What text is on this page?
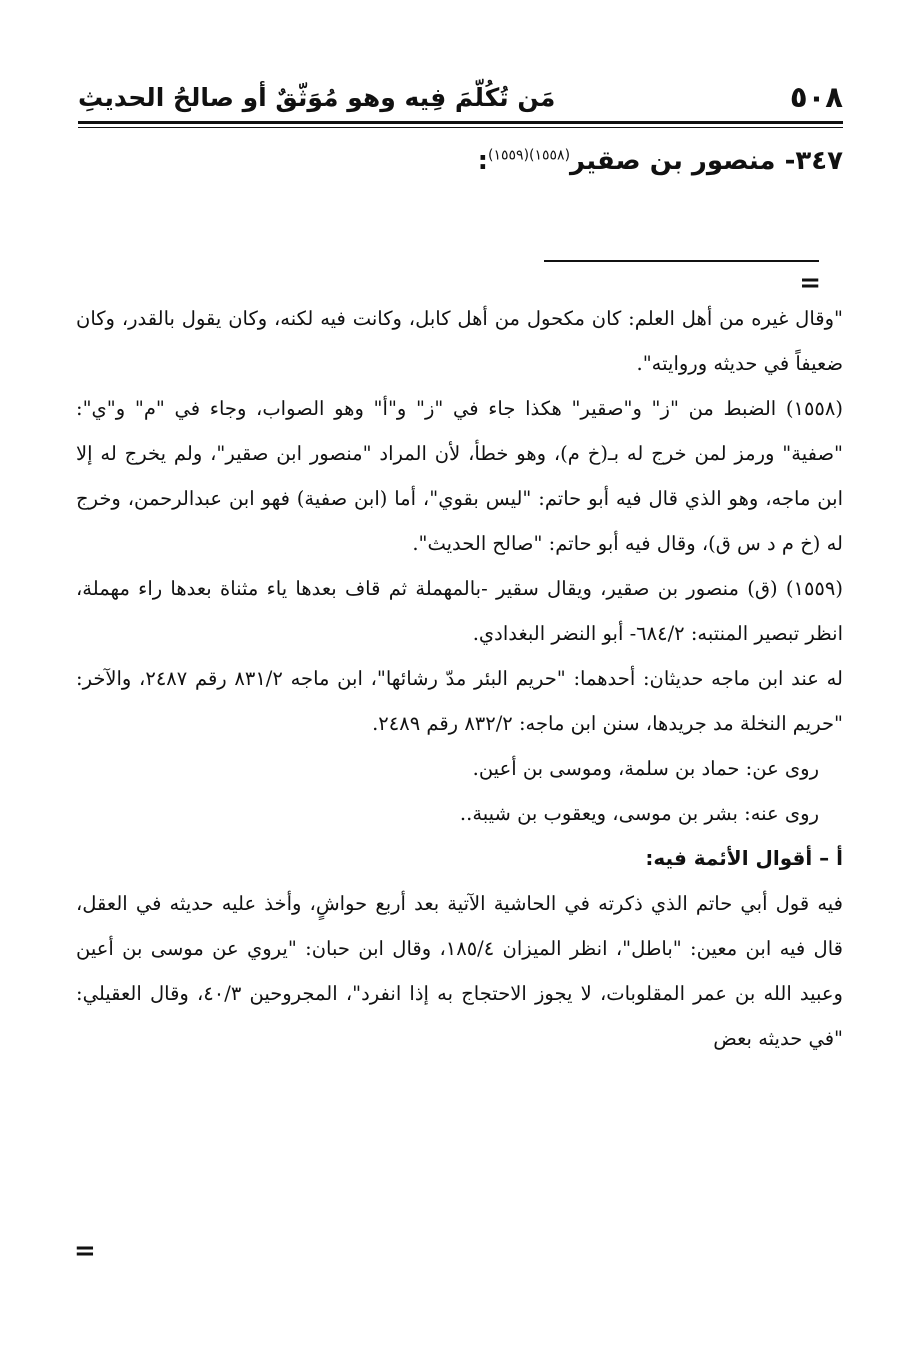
٥٠٨
مَن تُكُلّمَ فِيه وهو مُوَثّقٌ أو صالحُ الحديثِ
٣٤٧- منصور بن صقير$^{(١٥٥٨)(١٥٥٩)}$:
=

"وقال غيره من أهل العلم: كان مكحول من أهل كابل، وكانت فيه لكنه، وكان يقول بالقدر، وكان ضعيفاً في حديثه وروايته".

(١٥٥٨) الضبط من "ز" و"صقير" هكذا جاء في "ز" و"أ" وهو الصواب، وجاء في "م" و"ي": "صفية" ورمز لمن خرج له بـ(خ م)، وهو خطأ، لأن المراد "منصور ابن صقير"، ولم يخرج له إلا ابن ماجه، وهو الذي قال فيه أبو حاتم: "ليس بقوي"، أما (ابن صفية) فهو ابن عبدالرحمن، وخرج له (خ م د س ق)، وقال فيه أبو حاتم: "صالح الحديث".

(١٥٥٩) (ق) منصور بن صقير، ويقال سقير -بالمهملة ثم قاف بعدها ياء مثناة بعدها راء مهملة، انظر تبصير المنتبه: ٦٨٤/٢- أبو النضر البغدادي.

له عند ابن ماجه حديثان: أحدهما: "حريم البئر مدّ رشائها"، ابن ماجه ٨٣١/٢ رقم ٢٤٨٧، والآخر: "حريم النخلة مد جريدها، سنن ابن ماجه: ٨٣٢/٢ رقم ٢٤٨٩.

روى عن: حماد بن سلمة، وموسى بن أعين.

روى عنه: بشر بن موسى، ويعقوب بن شيبة..

أ – أقوال الأئمة فيه:

فيه قول أبي حاتم الذي ذكرته في الحاشية الآتية بعد أربع حواشٍ، وأخذ عليه حديثه في العقل، قال فيه ابن معين: "باطل"، انظر الميزان ١٨٥/٤، وقال ابن حبان: "يروي عن موسى بن أعين وعبيد الله بن عمر المقلوبات، لا يجوز الاحتجاج به إذا انفرد"، المجروحين ٤٠/٣، وقال العقيلي: "في حديثه بعض

=
